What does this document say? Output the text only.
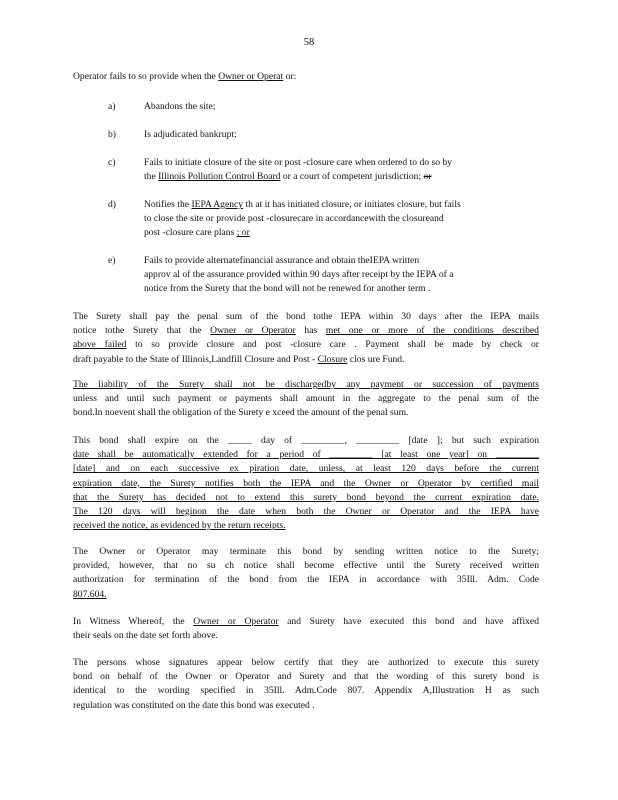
58
Operator fails to so provide when the Owner or Operat or:
a)	Abandons the site;
b)	Is adjudicated bankrupt;
c)	Fails to initiate closure of the site or post -closure care when ordered to do so by
the Illinois Pollution Control Board or a court of competent jurisdiction; or
d)	Notifies the IEPA Agency th at it has initiated closure, or initiates closure, but fails
to close the site or provide post -closurecare in accordancewith the closureand
post -closure care plans ; or
e)	Fails to provide alternatefinancial assurance and obtain theIEPA written
approv al of the assurance provided within 90 days after receipt by the IEPA of a
notice from the Surety that the bond will not be renewed for another term .
The Surety shall pay the penal sum of the bond tothe IEPA within 30 days after the IEPA mails
notice tothe Surety that the Owner or Operator has met one or more of the conditions described
above failed to so provide closure and post -closure care . Payment shall be made by check or
draft payable to the State of Illinois,Landfill Closure and Post - Closure clos ure Fund.
The liability of the Surety shall not be dischargedby any payment or succession of payments
unless and until such payment or payments shall amount in the aggregate to the penal sum of the
bond.In noevent shall the obligation of the Surety e xceed the amount of the penal sum.
This bond shall expire on the _____ day of _________, _________ [date ]; but such expiration
date shall be automatically extended for a period of _________ [at least one year] on _________
[date] and on each successive ex piration date, unless, at least 120 days before the current
expiration date, the Surety notifies both the IEPA and the Owner or Operator by certified mail
that the Surety has decided not to extend this surety bond beyond the current expiration date.
The 120 days will beginon the date when both the Owner or Operator and the IEPA have
received the notice, as evidenced by the return receipts.
The Owner or Operator may terminate this bond by sending written notice to the Surety;
provided, however, that no su ch notice shall become effective until the Surety received written
authorization for termination of the bond from the IEPA in accordance with 35Ill. Adm. Code
807.604.
In Witness Whereof, the Owner or Operator and Surety have executed this bond and have affixed
their seals on the date set forth above.
The persons whose signatures appear below certify that they are authorized to execute this surety
bond on behalf of the Owner or Operator and Surety and that the wording of this surety bond is
identical to the wording specified in 35Ill. Adm.Code 807. Appendix A,Illustration H as such
regulation was constituted on the date this bond was executed .
